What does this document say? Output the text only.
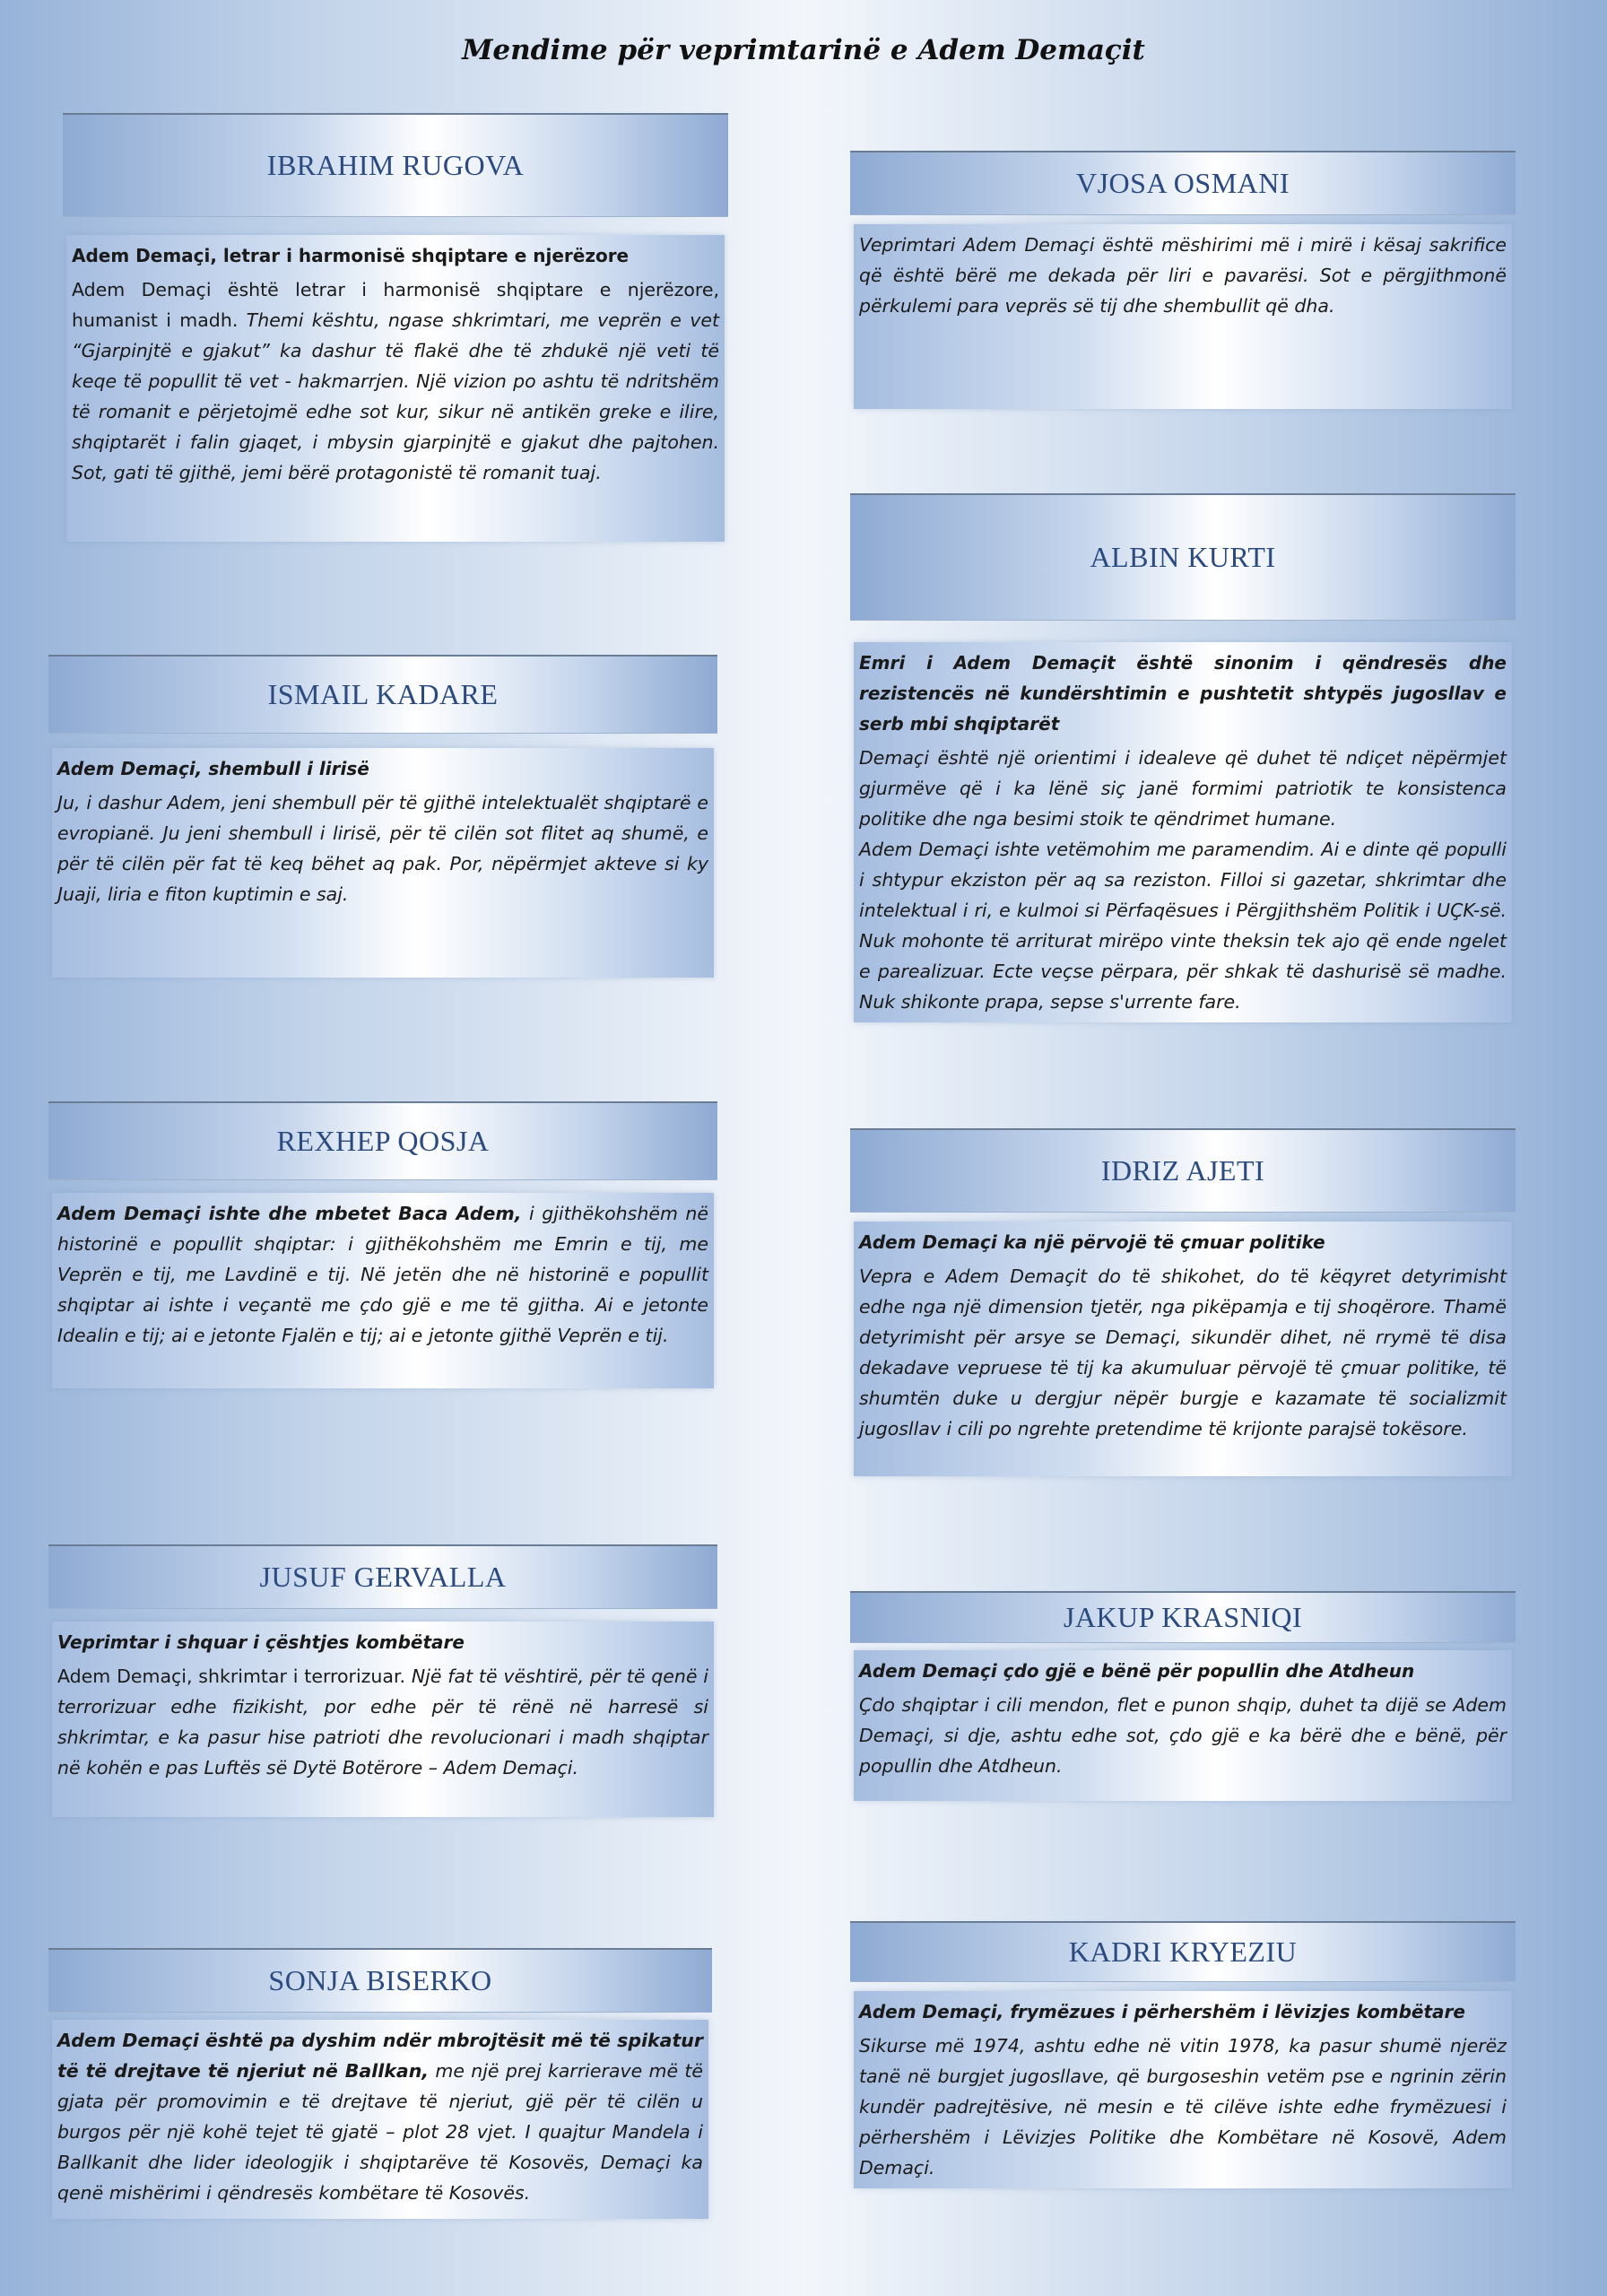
Mendime për veprimtarinë e Adem Demaçit
IBRAHIM RUGOVA
Adem Demaçi, letrar i harmonisë shqiptare e njerëzore

Adem Demaçi është letrar i harmonisë shqiptare e njerëzore, humanist i madh. Themi kështu, ngase shkrimtari, me veprën e vet “Gjarpinjtë e gjakut” ka dashur të flakë dhe të zhdukë një veti të keqe të popullit të vet - hakmarrjen. Një vizion po ashtu të ndritshëm të romanit e përjetojmë edhe sot kur, sikur në antikën greke e ilire, shqiptarët i falin gjaqet, i mbysin gjarpinjtë e gjakut dhe pajtohen. Sot, gati të gjithë, jemi bërë protagonistë të romanit tuaj.

VJOSA OSMANI

Veprimtari Adem Demaçi është mëshirimi më i mirë i kësaj sakrifice që është bërë me dekada për liri e pavarësi. Sot e përgjithmonë përkulemi para veprës së tij dhe shembullit që dha.

ALBIN KURTI
Emri i Adem Demaçit është sinonim i qëndresës dhe rezistencës në kundërshtimin e pushtetit shtypës jugosllav e serb mbi shqiptarët

Demaçi është një orientimi i idealeve që duhet të ndiçet nëpërmjet gjurmëve që i ka lënë siç janë formimi patriotik te konsistenca politike dhe nga besimi stoik te qëndrimet humane.

Adem Demaçi ishte vetëmohim me paramendim. Ai e dinte që populli i shtypur ekziston për aq sa reziston. Filloi si gazetar, shkrimtar dhe intelektual i ri, e kulmoi si Përfaqësues i Përgjithshëm Politik i UÇK-së. Nuk mohonte të arriturat mirëpo vinte theksin tek ajo që ende ngelet e parealizuar. Ecte veçse përpara, për shkak të dashurisë së madhe. Nuk shikonte prapa, sepse s'urrente fare.

ISMAIL KADARE
Adem Demaçi, shembull i lirisë

Ju, i dashur Adem, jeni shembull për të gjithë intelektualët shqiptarë e evropianë. Ju jeni shembull i lirisë, për të cilën sot flitet aq shumë, e për të cilën për fat të keq bëhet aq pak. Por, nëpërmjet akteve si ky Juaji, liria e fiton kuptimin e saj.

REXHEP QOSJA

Adem Demaçi ishte dhe mbetet Baca Adem, i gjithëkohshëm në historinë e popullit shqiptar: i gjithëkohshëm me Emrin e tij, me Veprën e tij, me Lavdinë e tij. Në jetën dhe në historinë e popullit shqiptar ai ishte i veçantë me çdo gjë e me të gjitha. Ai e jetonte Idealin e tij; ai e jetonte Fjalën e tij; ai e jetonte gjithë Veprën e tij.

IDRIZ AJETI
Adem Demaçi ka një përvojë të çmuar politike

Vepra e Adem Demaçit do të shikohet, do të këqyret detyrimisht edhe nga një dimension tjetër, nga pikëpamja e tij shoqërore. Thamë detyrimisht për arsye se Demaçi, sikundër dihet, në rrymë të disa dekadave vepruese të tij ka akumuluar përvojë të çmuar politike, të shumtën duke u dergjur nëpër burgje e kazamate të socializmit jugosllav i cili po ngrehte pretendime të krijonte parajsë tokësore.

JUSUF GERVALLA
Veprimtar i shquar i çështjes kombëtare

Adem Demaçi, shkrimtar i terrorizuar. Një fat të vështirë, për të qenë i terrorizuar edhe fizikisht, por edhe për të rënë në harresë si shkrimtar, e ka pasur hise patrioti dhe revolucionari i madh shqiptar në kohën e pas Luftës së Dytë Botërore – Adem Demaçi.

JAKUP KRASNIQI
Adem Demaçi çdo gjë e bënë për popullin dhe Atdheun

Çdo shqiptar i cili mendon, flet e punon shqip, duhet ta dijë se Adem Demaçi, si dje, ashtu edhe sot, çdo gjë e ka bërë dhe e bënë, për popullin dhe Atdheun.

SONJA BISERKO

Adem Demaçi është pa dyshim ndër mbrojtësit më të spikatur të të drejtave të njeriut në Ballkan, me një prej karrierave më të gjata për promovimin e të drejtave të njeriut, gjë për të cilën u burgos për një kohë tejet të gjatë – plot 28 vjet. I quajtur Mandela i Ballkanit dhe lider ideologjik i shqiptarëve të Kosovës, Demaçi ka qenë mishërimi i qëndresës kombëtare të Kosovës.

KADRI KRYEZIU
Adem Demaçi, frymëzues i përhershëm i lëvizjes kombëtare

Sikurse më 1974, ashtu edhe në vitin 1978, ka pasur shumë njerëz tanë në burgjet jugosllave, që burgoseshin vetëm pse e ngrinin zërin kundër padrejtësive, në mesin e të cilëve ishte edhe frymëzuesi i përhershëm i Lëvizjes Politike dhe Kombëtare në Kosovë, Adem Demaçi.
